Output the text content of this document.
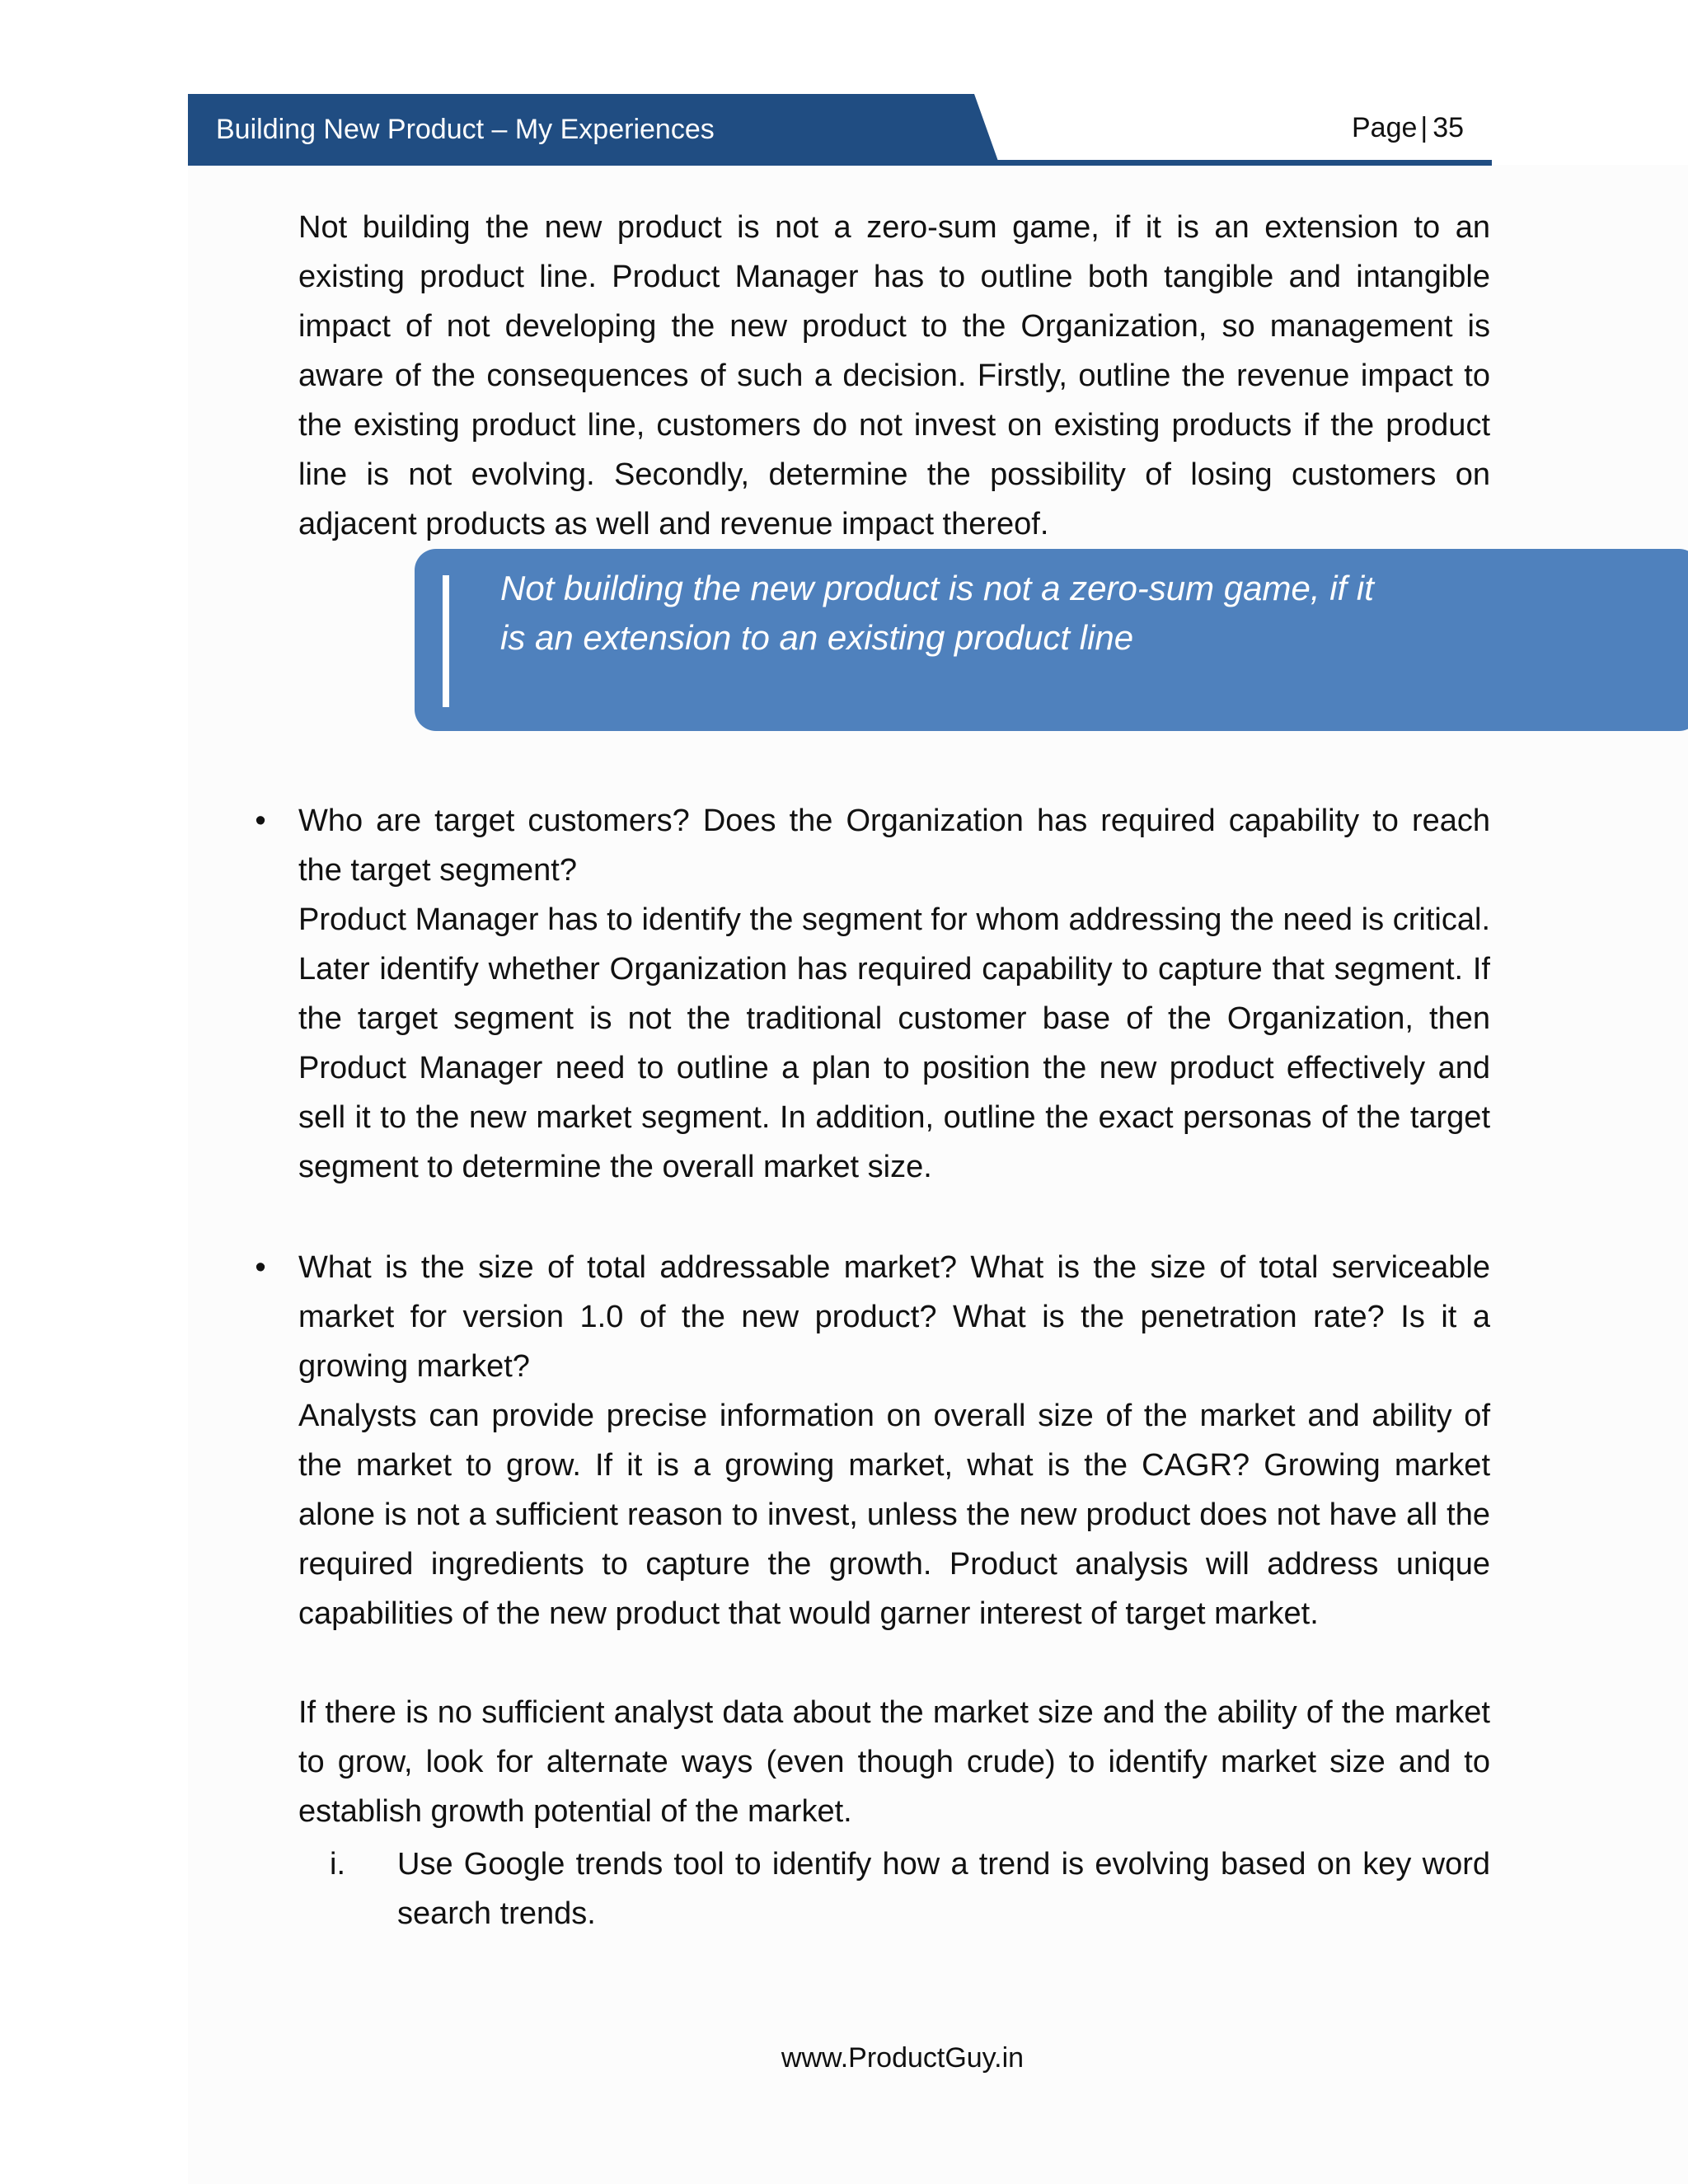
Building New Product – My Experiences	Page | 35

Not building the new product is not a zero-sum game, if it is an extension to an existing product line. Product Manager has to outline both tangible and intangible impact of not developing the new product to the Organization, so management is aware of the consequences of such a decision. Firstly, outline the revenue impact to the existing product line, customers do not invest on existing products if the product line is not evolving. Secondly, determine the possibility of losing customers on adjacent products as well and revenue impact thereof.

Not building the new product is not a zero-sum game, if it is an extension to an existing product line

•	Who are target customers? Does the Organization has required capability to reach the target segment?

Product Manager has to identify the segment for whom addressing the need is critical. Later identify whether Organization has required capability to capture that segment. If the target segment is not the traditional customer base of the Organization, then Product Manager need to outline a plan to position the new product effectively and sell it to the new market segment. In addition, outline the exact personas of the target segment to determine the overall market size.

•	What is the size of total addressable market? What is the size of total serviceable market for version 1.0 of the new product? What is the penetration rate? Is it a growing market?

Analysts can provide precise information on overall size of the market and ability of the market to grow. If it is a growing market, what is the CAGR? Growing market alone is not a sufficient reason to invest, unless the new product does not have all the required ingredients to capture the growth. Product analysis will address unique capabilities of the new product that would garner interest of target market.

If there is no sufficient analyst data about the market size and the ability of the market to grow, look for alternate ways (even though crude) to identify market size and to establish growth potential of the market.

i.	Use Google trends tool to identify how a trend is evolving based on key word search trends.

www.ProductGuy.in
